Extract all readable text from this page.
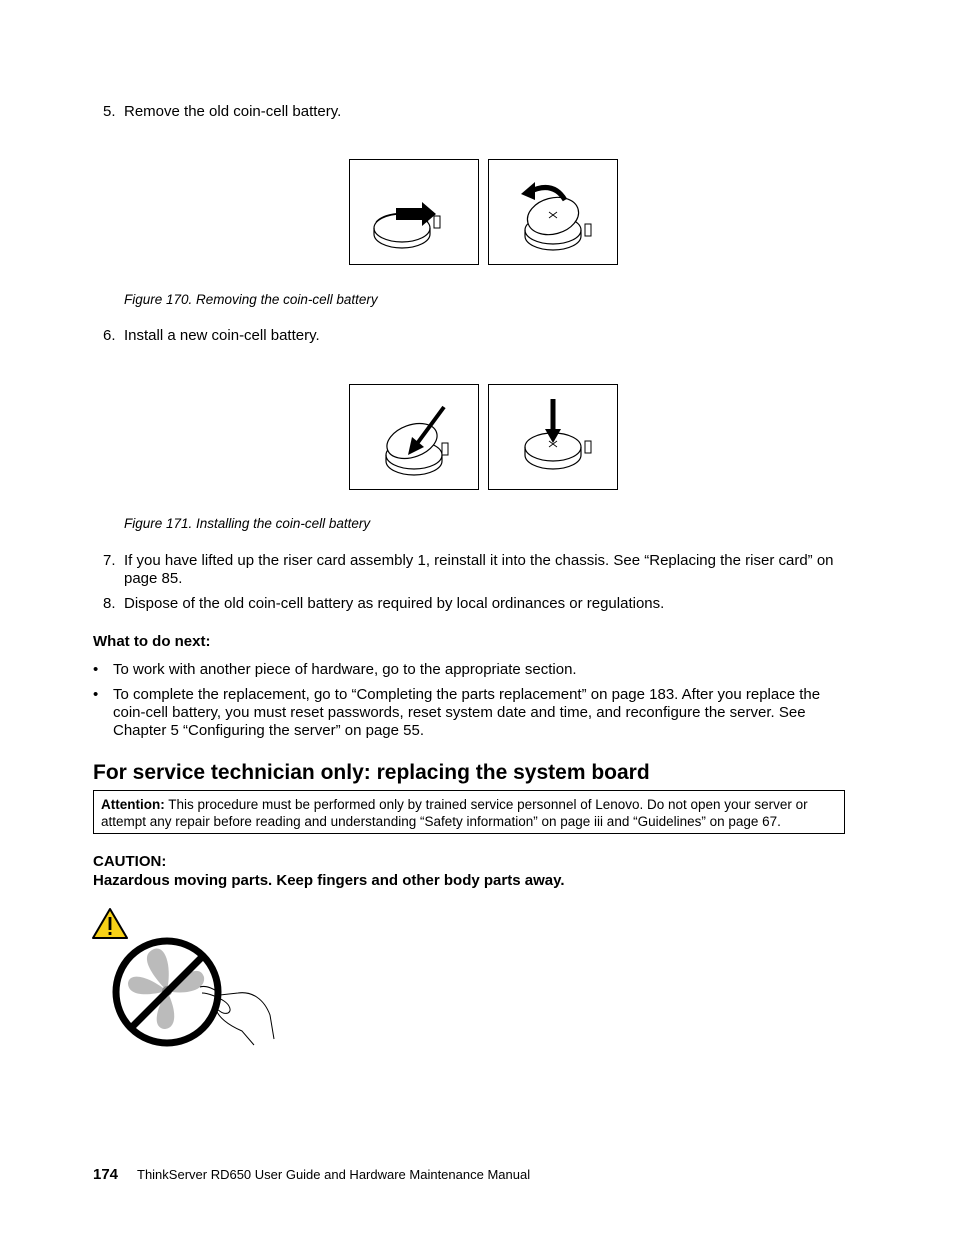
5. Remove the old coin-cell battery.
Figure 170. Removing the coin-cell battery
6. Install a new coin-cell battery.
Figure 171. Installing the coin-cell battery
7. If you have lifted up the riser card assembly 1, reinstall it into the chassis. See “Replacing the riser card” on page 85.
8. Dispose of the old coin-cell battery as required by local ordinances or regulations.
What to do next:
• To work with another piece of hardware, go to the appropriate section.
• To complete the replacement, go to “Completing the parts replacement” on page 183. After you replace the coin-cell battery, you must reset passwords, reset system date and time, and reconfigure the server. See Chapter 5 “Configuring the server” on page 55.
For service technician only: replacing the system board
Attention: This procedure must be performed only by trained service personnel of Lenovo. Do not open your server or attempt any repair before reading and understanding “Safety information” on page iii and “Guidelines” on page 67.
CAUTION:
Hazardous moving parts. Keep fingers and other body parts away.
174 ThinkServer RD650 User Guide and Hardware Maintenance Manual
